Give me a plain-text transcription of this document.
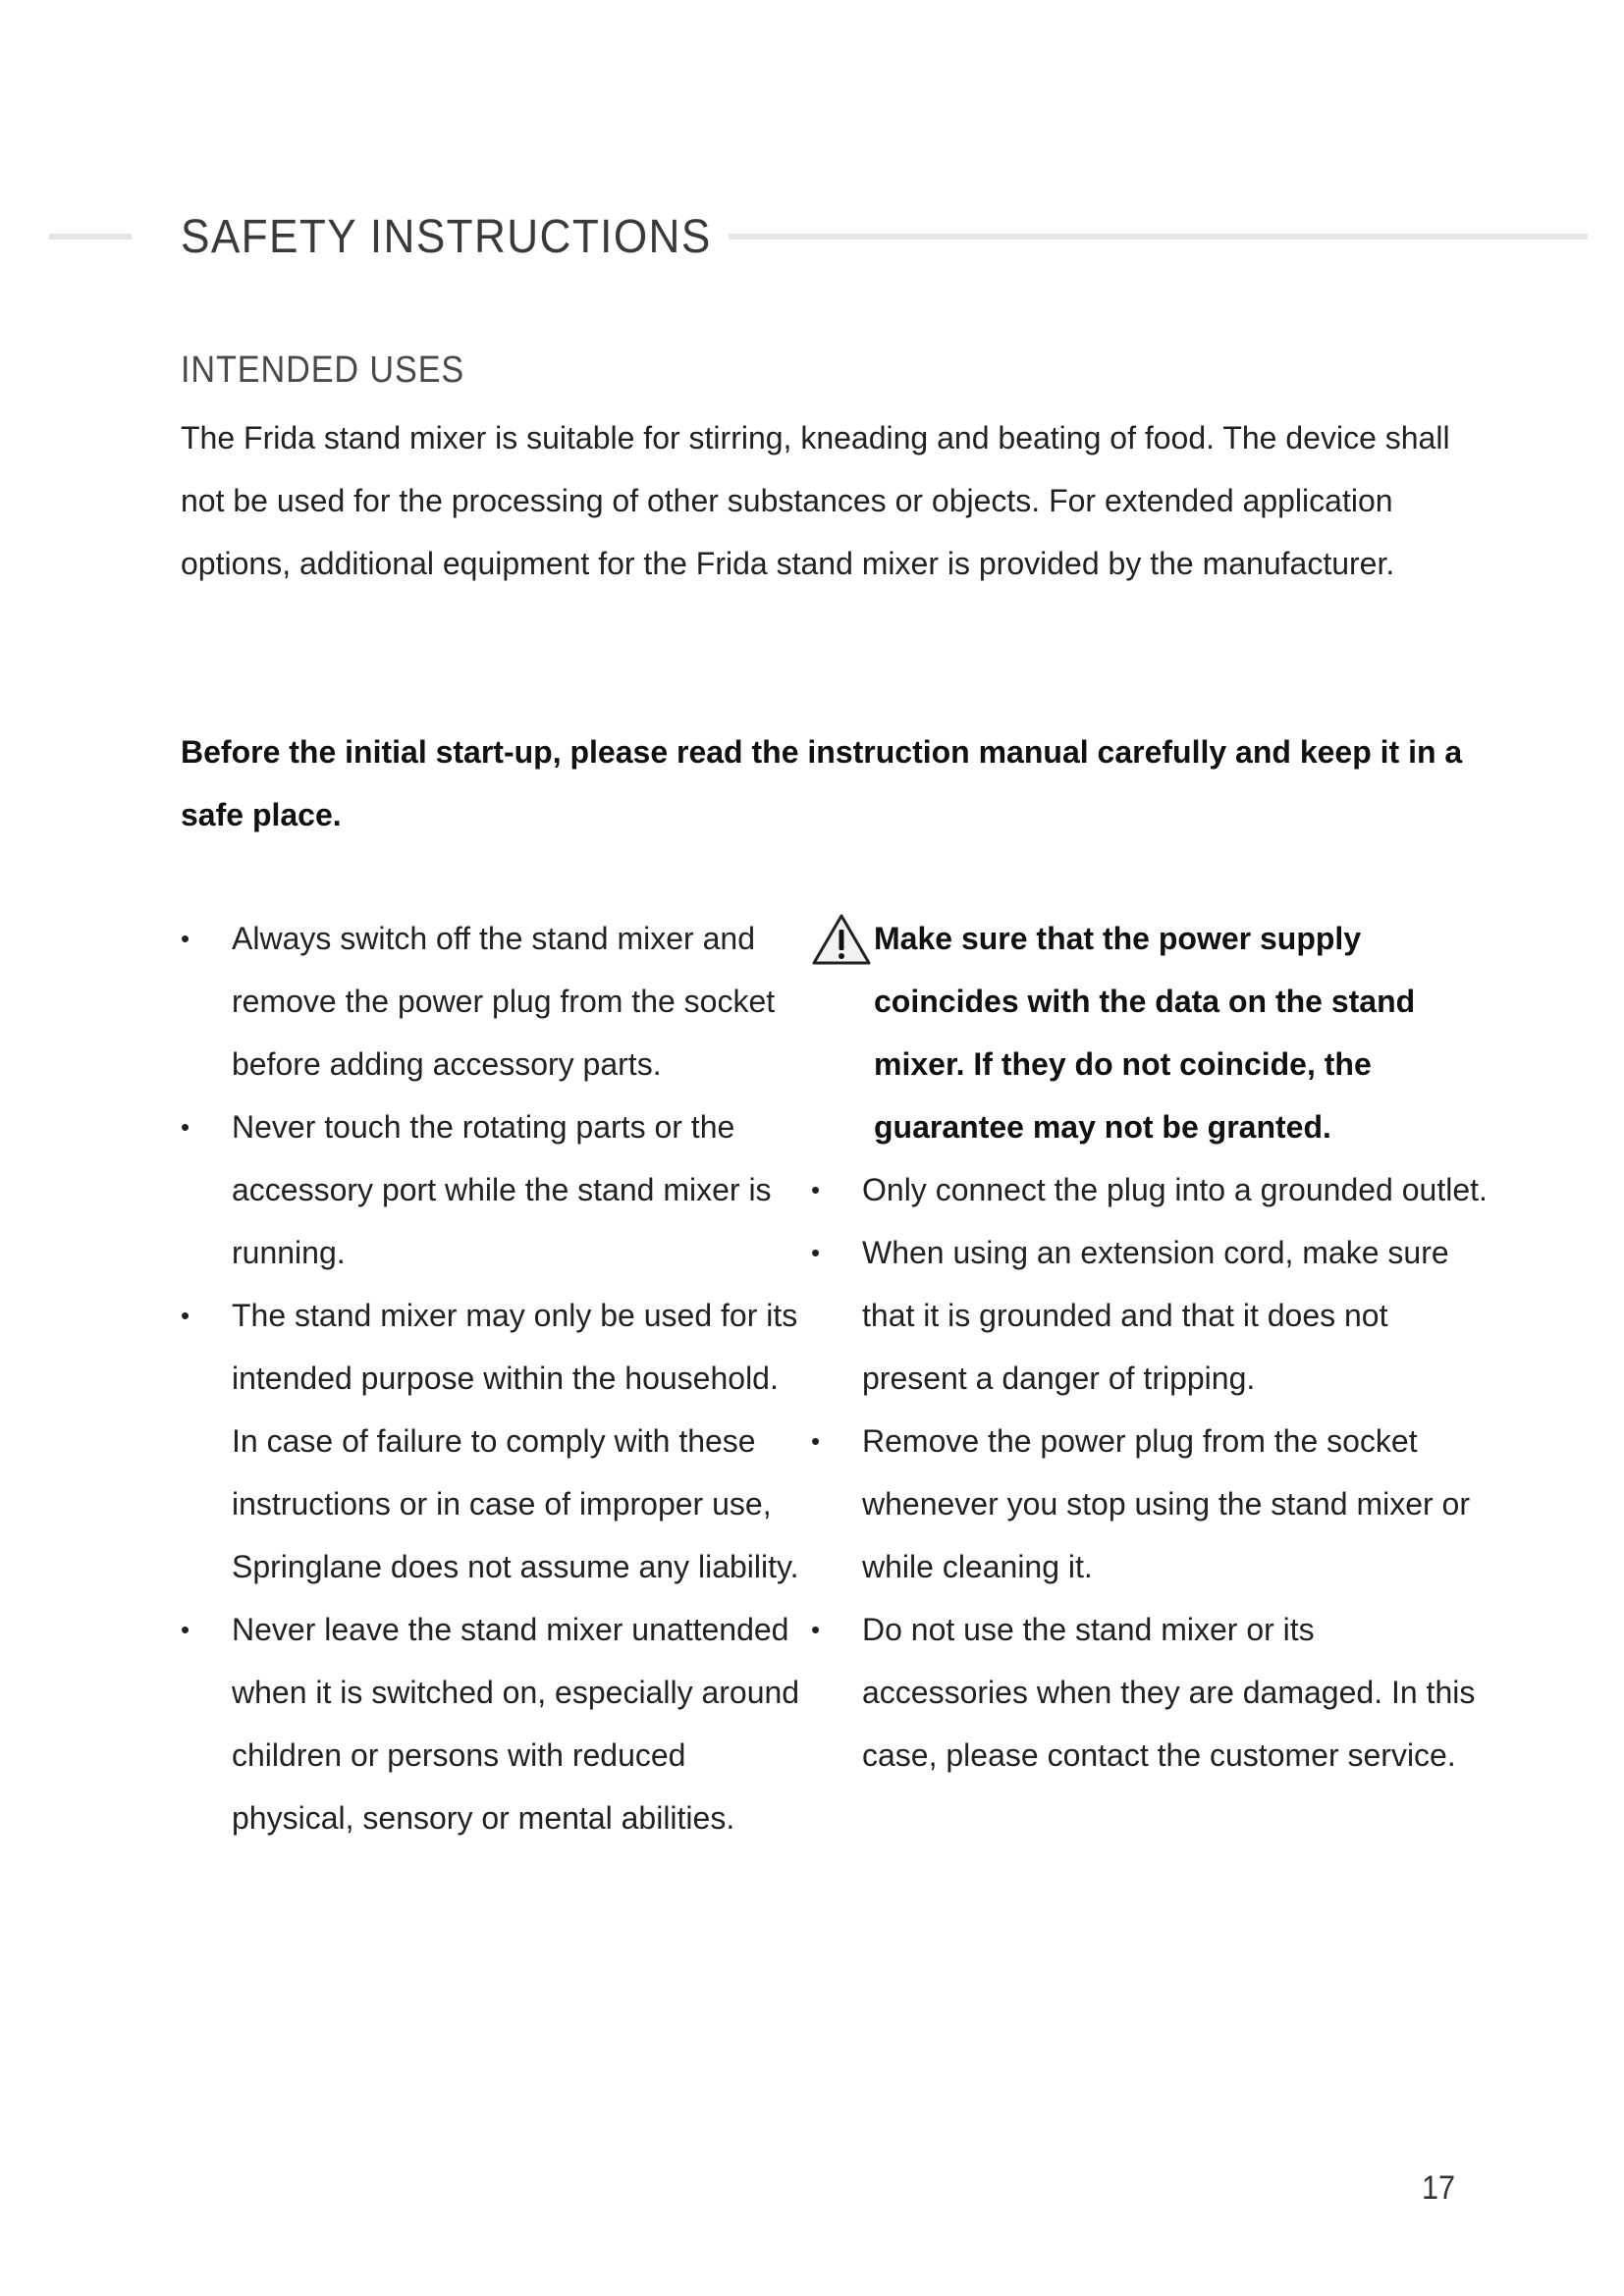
SAFETY INSTRUCTIONS
INTENDED USES

The Frida stand mixer is suitable for stirring, kneading and beating of food. The device shall not be used for the processing of other substances or objects. For extended application options, additional equipment for the Frida stand mixer is provided by the manufacturer.

Before the initial start-up, please read the instruction manual carefully and keep it in a safe place.

•	Always switch off the stand mixer and remove the power plug from the socket before adding accessory parts.
•	Never touch the rotating parts or the accessory port while the stand mixer is running.
•	The stand mixer may only be used for its intended purpose within the household. In case of failure to comply with these instructions or in case of improper use, Springlane does not assume any liability.
•	Never leave the stand mixer unattended when it is switched on, especially around children or persons with reduced physical, sensory or mental abilities.
Make sure that the power supply coincides with the data on the stand mixer. If they do not coincide, the guarantee may not be granted.
•	Only connect the plug into a grounded outlet.
•	When using an extension cord, make sure that it is grounded and that it does not present a danger of tripping.
•	Remove the power plug from the socket whenever you stop using the stand mixer or while cleaning it.
•	Do not use the stand mixer or its accessories when they are damaged. In this case, please contact the customer service.
17
